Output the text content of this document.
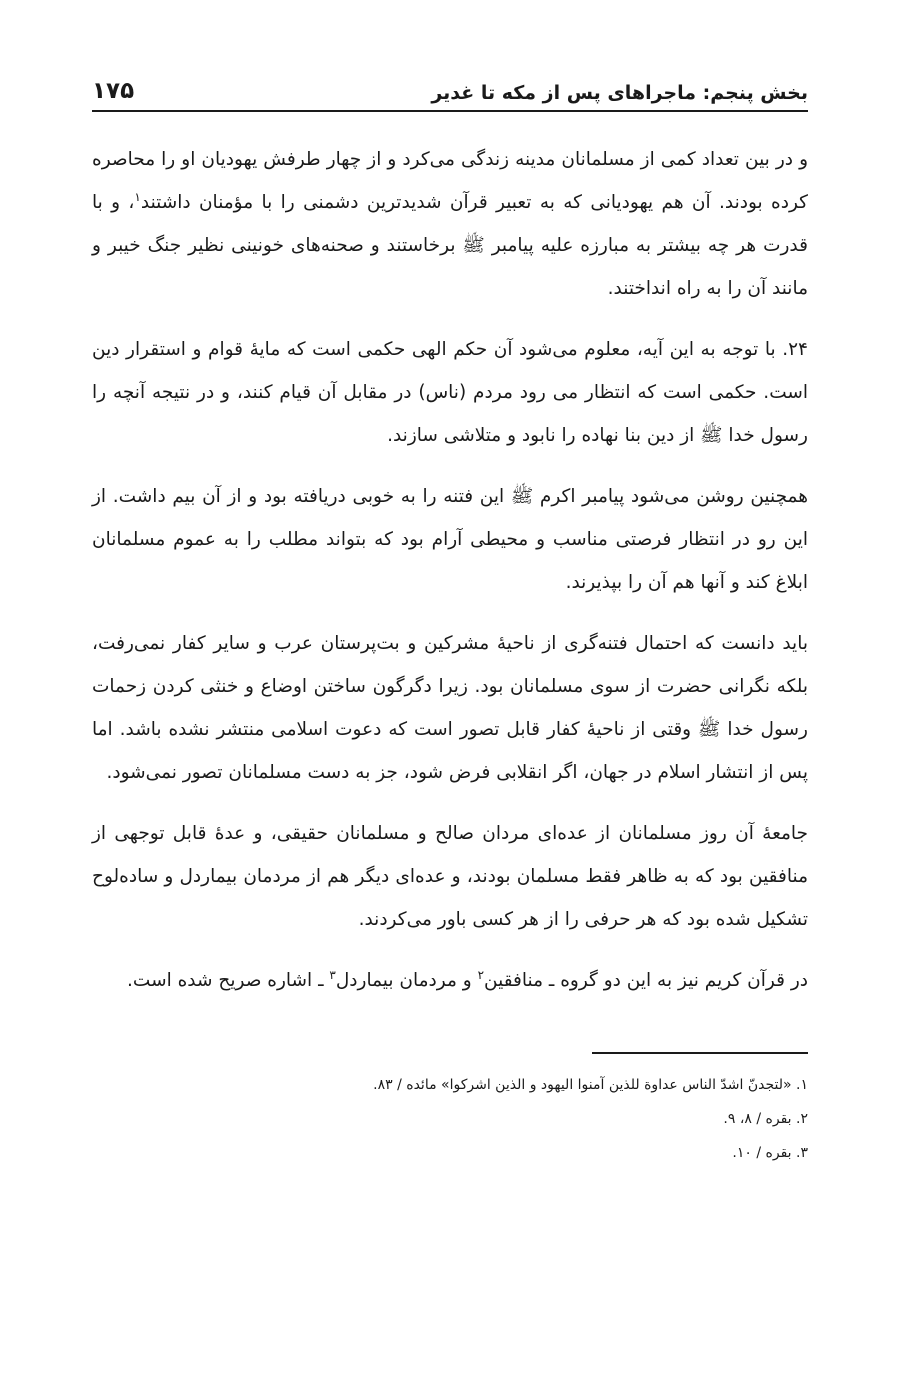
بخش پنجم: ماجراهای پس از مکه تا غدیر
۱۷۵

و در بین تعداد کمی از مسلمانان مدینه زندگی می‌کرد و از چهار طرفش یهودیان او را محاصره کرده بودند. آن هم یهودیانی که به تعبیر قرآن شدیدترین دشمنی را با مؤمنان داشتند$^۱$، و با قدرت هر چه بیشتر به مبارزه علیه پیامبر ﷺ برخاستند و صحنه‌های خونینی نظیر جنگ خیبر و مانند آن را به راه انداختند.

۲۴. با توجه به این آیه، معلوم می‌شود آن حکم الهی حکمی است که مایهٔ قوام و استقرار دین است. حکمی است که انتظار می رود مردم (ناس) در مقابل آن قیام کنند، و در نتیجه آنچه را رسول خدا ﷺ از دین بنا نهاده را نابود و متلاشی سازند.

همچنین روشن می‌شود پیامبر اکرم ﷺ این فتنه را به خوبی دریافته بود و از آن بیم داشت. از این رو در انتظار فرصتی مناسب و محیطی آرام بود که بتواند مطلب را به عموم مسلمانان ابلاغ کند و آنها هم آن را بپذیرند.

باید دانست که احتمال فتنه‌گری از ناحیهٔ مشرکین و بت‌پرستان عرب و سایر کفار نمی‌رفت، بلکه نگرانی حضرت از سوی مسلمانان بود. زیرا دگرگون ساختن اوضاع و خنثی کردن زحمات رسول خدا ﷺ وقتی از ناحیهٔ کفار قابل تصور است که دعوت اسلامی منتشر نشده باشد. اما پس از انتشار اسلام در جهان، اگر انقلابی فرض شود، جز به دست مسلمانان تصور نمی‌شود.

جامعهٔ آن روز مسلمانان از عده‌ای مردان صالح و مسلمانان حقیقی، و عدهٔ قابل توجهی از منافقین بود که به ظاهر فقط مسلمان بودند، و عده‌ای دیگر هم از مردمان بیماردل و ساده‌لوح تشکیل شده بود که هر حرفی را از هر کسی باور می‌کردند.

در قرآن کریم نیز به این دو گروه ـ منافقین$^۲$ و مردمان بیماردل$^۳$ ـ اشاره صریح شده است.

۱. «لتجدنّ اشدّ الناس عداوة للذین آمنوا الیهود و الذین اشرکوا» مائده / ۸۳.
۲. بقره / ۸، ۹.
۳. بقره / ۱۰.
